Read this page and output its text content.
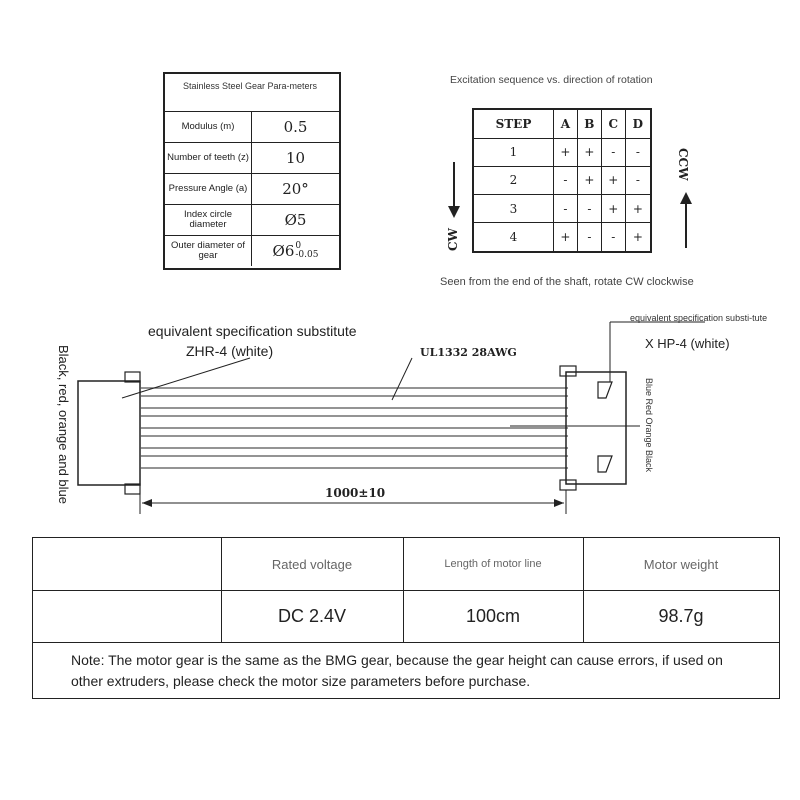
Stainless Steel Gear Para-meters
Modulus (m)	0.5
Number of teeth (z)	10
Pressure Angle (a)	20°
Index circle diameter	Ø5
Outer diameter of gear	Ø6 0
-0.05
Excitation sequence vs. direction of rotation
STEP	A	B	C	D
1	+	+	-	-
2	-	+	+	-
3	-	-	+	+
4	+	-	-	+
CW
CCW
Seen from the end of the shaft, rotate CW clockwise
equivalent specification substitute
ZHR-4 (white)
equivalent specification substi-tute
X HP-4 (white)
Black, red, orange and blue	Blue Red Orange Black
UL1332 28AWG
1000±10
Rated voltage	Length of motor line	Motor weight
DC 2.4V	100cm	98.7g
Note: The motor gear is the same as the BMG gear, because the gear height can cause errors, if used on other extruders, please check the motor size parameters before purchase.
